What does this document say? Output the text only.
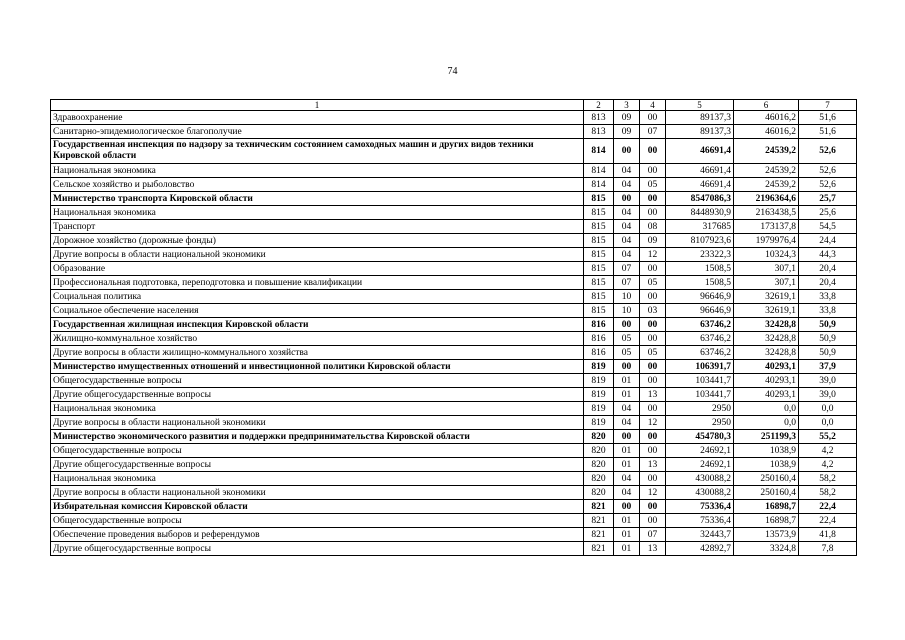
74
1	2	3	4	5	6	7
Здравоохранение	813	09	00	89137,3	46016,2	51,6
Санитарно-эпидемиологическое благополучие	813	09	07	89137,3	46016,2	51,6
Государственная инспекция по надзору за техническим состоянием самоходных машин и других видов техники Кировской области	814	00	00	46691,4	24539,2	52,6
Национальная экономика	814	04	00	46691,4	24539,2	52,6
Сельское хозяйство и рыболовство	814	04	05	46691,4	24539,2	52,6
Министерство транспорта Кировской области	815	00	00	8547086,3	2196364,6	25,7
Национальная экономика	815	04	00	8448930,9	2163438,5	25,6
Транспорт	815	04	08	317685	173137,8	54,5
Дорожное хозяйство (дорожные фонды)	815	04	09	8107923,6	1979976,4	24,4
Другие вопросы в области национальной экономики	815	04	12	23322,3	10324,3	44,3
Образование	815	07	00	1508,5	307,1	20,4
Профессиональная подготовка, переподготовка и повышение квалификации	815	07	05	1508,5	307,1	20,4
Социальная политика	815	10	00	96646,9	32619,1	33,8
Социальное обеспечение населения	815	10	03	96646,9	32619,1	33,8
Государственная жилищная инспекция Кировской области	816	00	00	63746,2	32428,8	50,9
Жилищно-коммунальное хозяйство	816	05	00	63746,2	32428,8	50,9
Другие вопросы в области жилищно-коммунального хозяйства	816	05	05	63746,2	32428,8	50,9
Министерство имущественных отношений и инвестиционной политики Кировской области	819	00	00	106391,7	40293,1	37,9
Общегосударственные вопросы	819	01	00	103441,7	40293,1	39,0
Другие общегосударственные вопросы	819	01	13	103441,7	40293,1	39,0
Национальная экономика	819	04	00	2950	0,0	0,0
Другие вопросы в области национальной экономики	819	04	12	2950	0,0	0,0
Министерство экономического развития и поддержки предпринимательства Кировской области	820	00	00	454780,3	251199,3	55,2
Общегосударственные вопросы	820	01	00	24692,1	1038,9	4,2
Другие общегосударственные вопросы	820	01	13	24692,1	1038,9	4,2
Национальная экономика	820	04	00	430088,2	250160,4	58,2
Другие вопросы в области национальной экономики	820	04	12	430088,2	250160,4	58,2
Избирательная комиссия Кировской области	821	00	00	75336,4	16898,7	22,4
Общегосударственные вопросы	821	01	00	75336,4	16898,7	22,4
Обеспечение проведения выборов и референдумов	821	01	07	32443,7	13573,9	41,8
Другие общегосударственные вопросы	821	01	13	42892,7	3324,8	7,8
